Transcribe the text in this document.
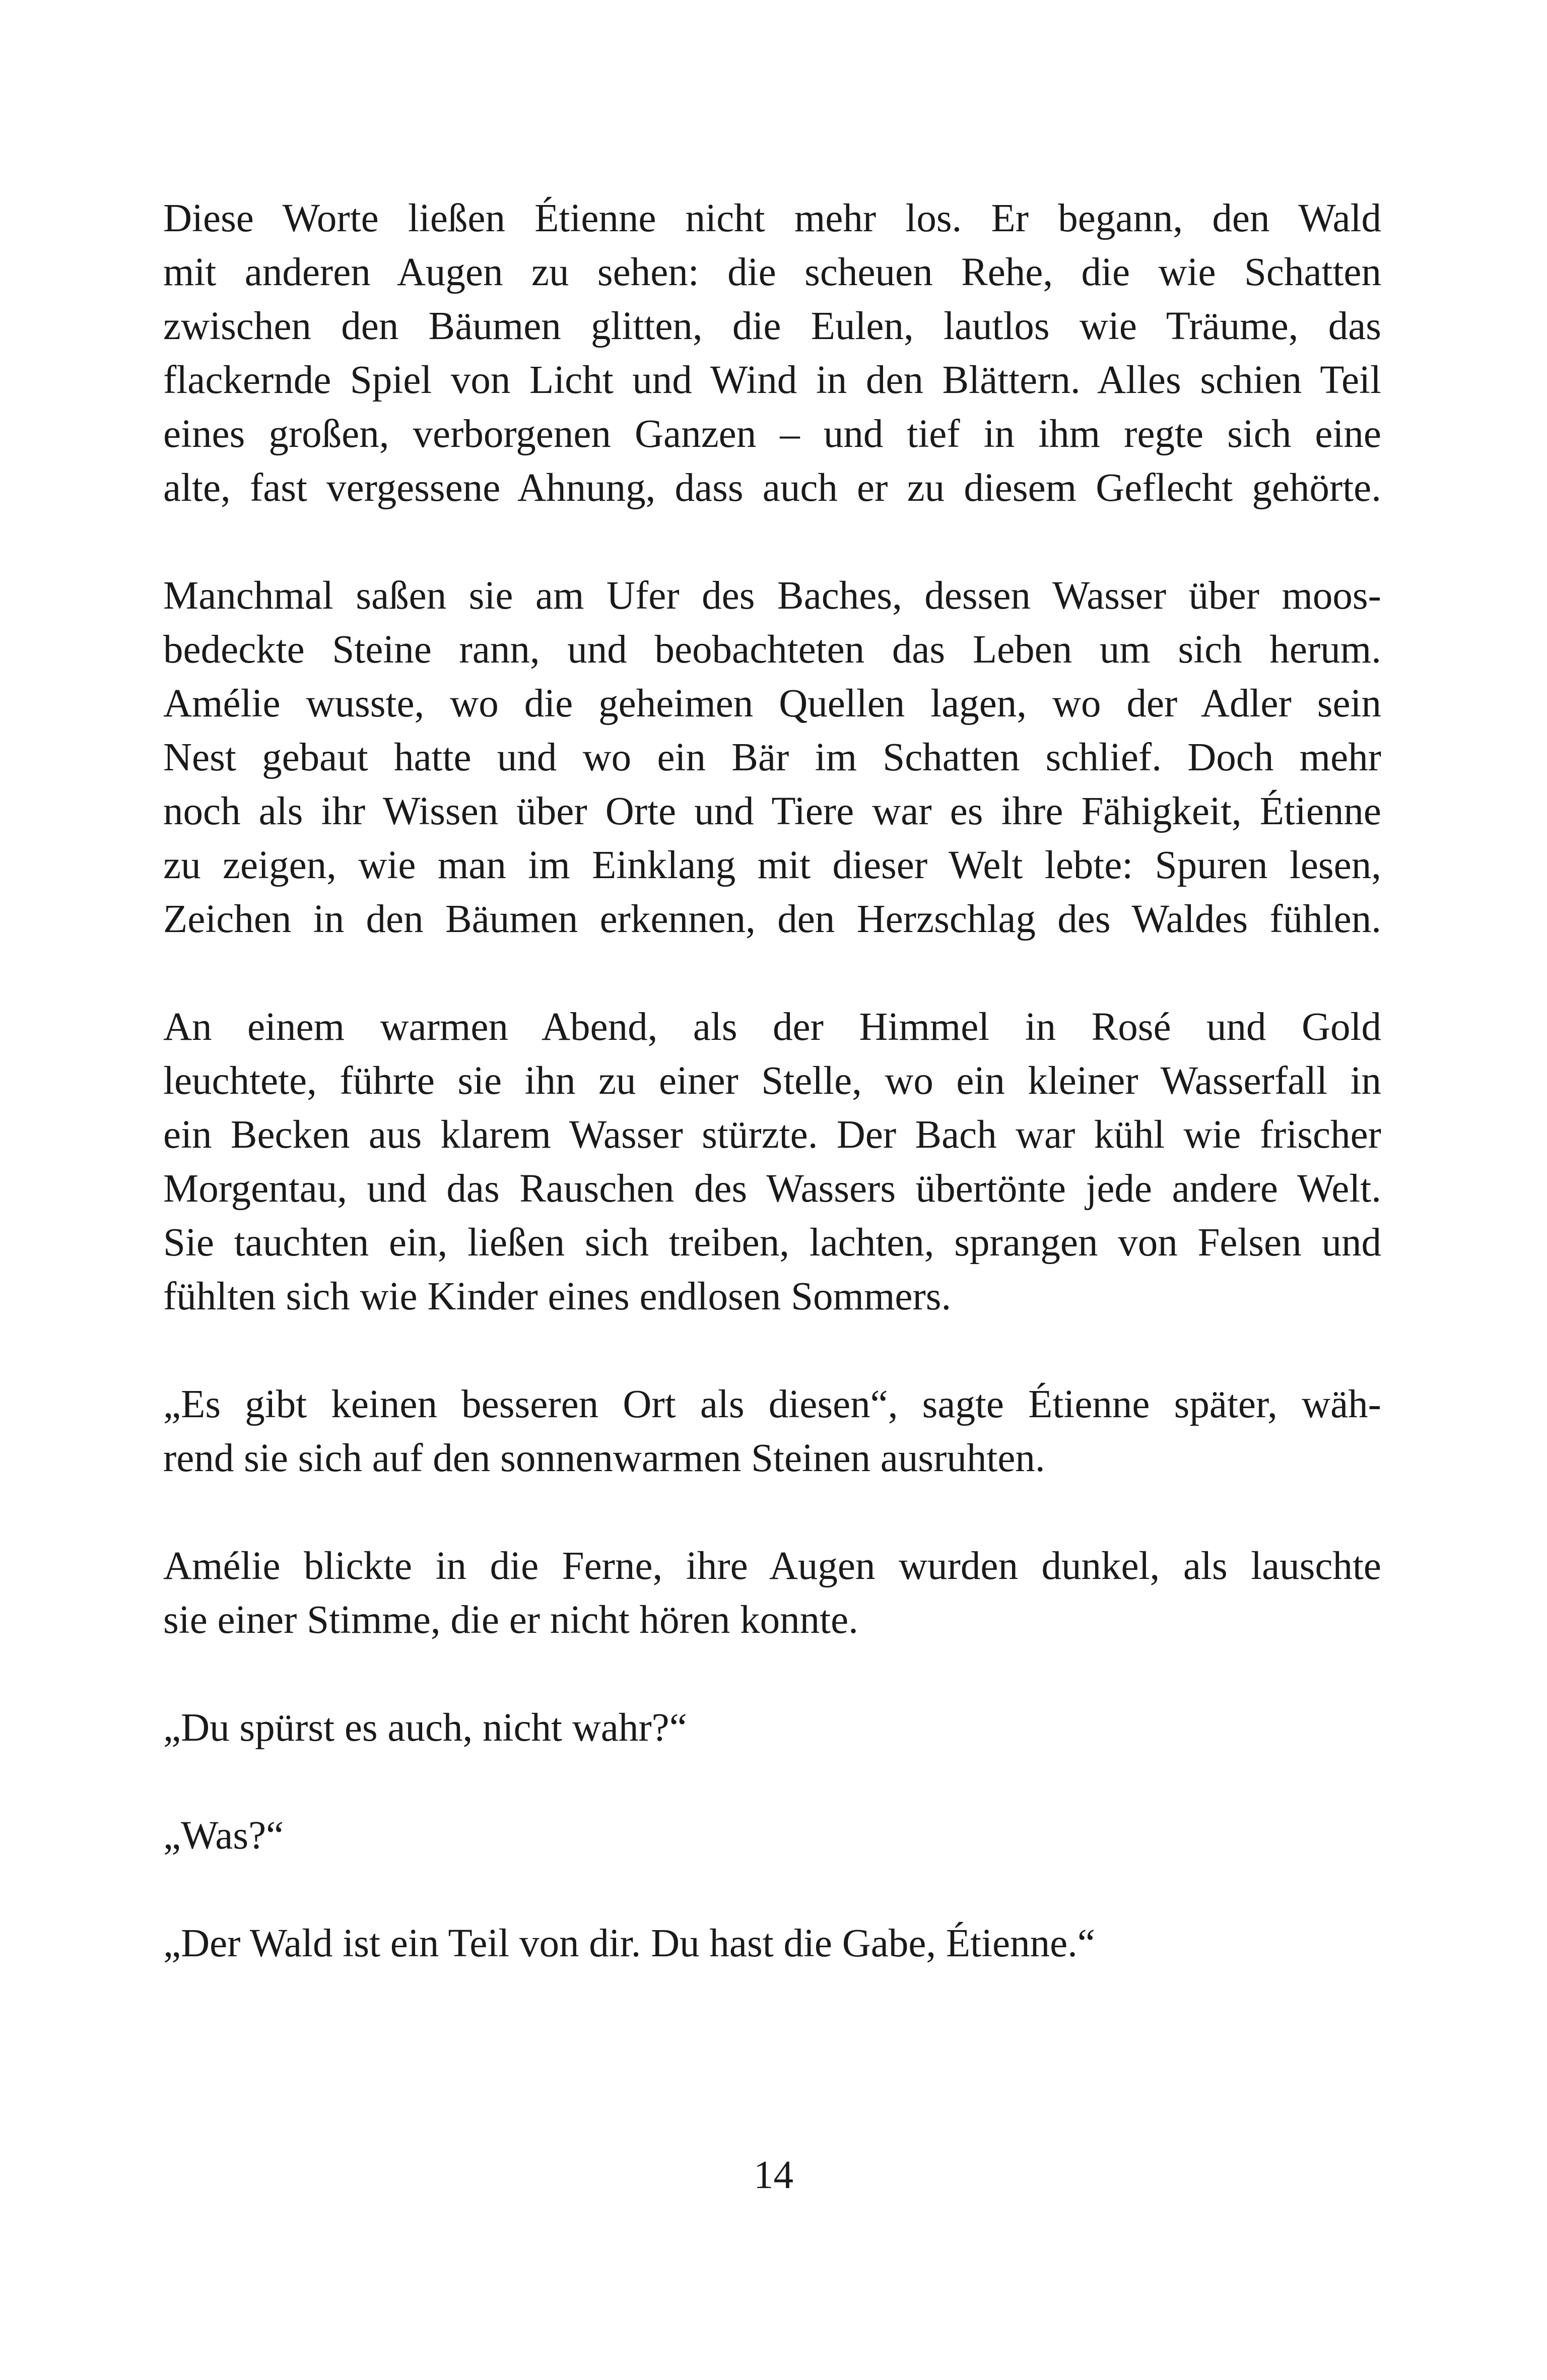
Diese Worte ließen Étienne nicht mehr los. Er begann, den Wald
mit anderen Augen zu sehen: die scheuen Rehe, die wie Schatten
zwischen den Bäumen glitten, die Eulen, lautlos wie Träume, das
flackernde Spiel von Licht und Wind in den Blättern. Alles schien Teil
eines großen, verborgenen Ganzen – und tief in ihm regte sich eine
alte, fast vergessene Ahnung, dass auch er zu diesem Geflecht gehörte.

Manchmal saßen sie am Ufer des Baches, dessen Wasser über moos-
bedeckte Steine rann, und beobachteten das Leben um sich herum.
Amélie wusste, wo die geheimen Quellen lagen, wo der Adler sein
Nest gebaut hatte und wo ein Bär im Schatten schlief. Doch mehr
noch als ihr Wissen über Orte und Tiere war es ihre Fähigkeit, Étienne
zu zeigen, wie man im Einklang mit dieser Welt lebte: Spuren lesen,
Zeichen in den Bäumen erkennen, den Herzschlag des Waldes fühlen.

An einem warmen Abend, als der Himmel in Rosé und Gold
leuchtete, führte sie ihn zu einer Stelle, wo ein kleiner Wasserfall in
ein Becken aus klarem Wasser stürzte. Der Bach war kühl wie frischer
Morgentau, und das Rauschen des Wassers übertönte jede andere Welt.
Sie tauchten ein, ließen sich treiben, lachten, sprangen von Felsen und
fühlten sich wie Kinder eines endlosen Sommers.

„Es gibt keinen besseren Ort als diesen“, sagte Étienne später, wäh-
rend sie sich auf den sonnenwarmen Steinen ausruhten.

Amélie blickte in die Ferne, ihre Augen wurden dunkel, als lauschte
sie einer Stimme, die er nicht hören konnte.

„Du spürst es auch, nicht wahr?“

„Was?“

„Der Wald ist ein Teil von dir. Du hast die Gabe, Étienne.“

14
